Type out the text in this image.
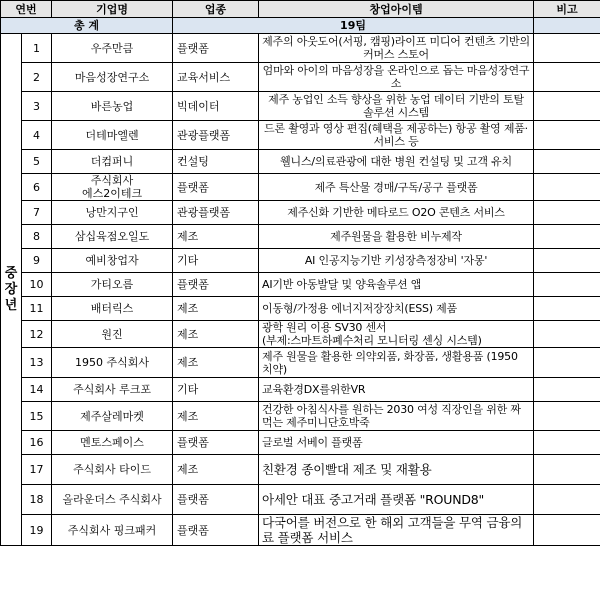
연번		기업명	업종	창업아이템	비고
총 계			19팀		
중
장
년	1	우주만큼	플랫폼	제주의 아웃도어(서핑, 캠핑)라이프 미디어 컨텐츠 기반의 커머스 스토어	
	2	마음성장연구소	교육서비스	엄마와 아이의 마음성장을 온라인으로 돕는 마음성장연구소	
	3	바른농업	빅데이터	제주 농업인 소득 향상을 위한 농업 데이터 기반의 토탈 솔루션 시스템	
	4	더테마엘렌	관광플랫폼	드론 촬영과 영상 편집(혜택을 제공하는) 항공 촬영 제품·서비스 등	
	5	더컴퍼니	컨설팅	웰니스/의료관광에 대한 병원 컨설팅 및 고객 유치	
	6	주식회사
에스2이테크	플랫폼	제주 특산물 경매/구독/공구 플랫폼	
	7	낭만지구인	관광플랫폼	제주신화 기반한 메타로드 O2O 콘텐츠 서비스	
	8	삼십육점오일도	제조	제주원물을 활용한 비누제작	
	9	예비창업자	기타	AI 인공지능기반 키성장측정장비 '자몽'	
	10	가티오름	플랫폼	AI기반 아동발달 및 양육솔루션 앱	
	11	배터릭스	제조	이동형/가정용 에너지저장장치(ESS) 제품	
	12	원진	제조	광학 원리 이용 SV30 센서
(부제:스마트하폐수처리 모니터링 센싱 시스템)	
	13	1950 주식회사	제조	제주 원물을 활용한 의약외품, 화장품, 생활용품 (1950 치약)	
	14	주식회사 루크포	기타	교육환경DX를위한VR	
	15	제주살레마켓	제조	건강한 아침식사를 원하는 2030 여성 직장인을 위한 짜먹는 제주미니단호박죽	
	16	멘토스페이스	플랫폼	글로벌 서베이 플랫폼	
	17	주식회사 타이드	제조	친환경 종이빨대 제조 및 재활용	
	18	올라운더스 주식회사	플랫폼	아세안 대표 중고거래 플랫폼 "ROUND8"	
	19	주식회사 핑크패커	플랫폼	다국어를 버전으로 한 해외 고객들을 무역 금융의료 플랫폼 서비스	
